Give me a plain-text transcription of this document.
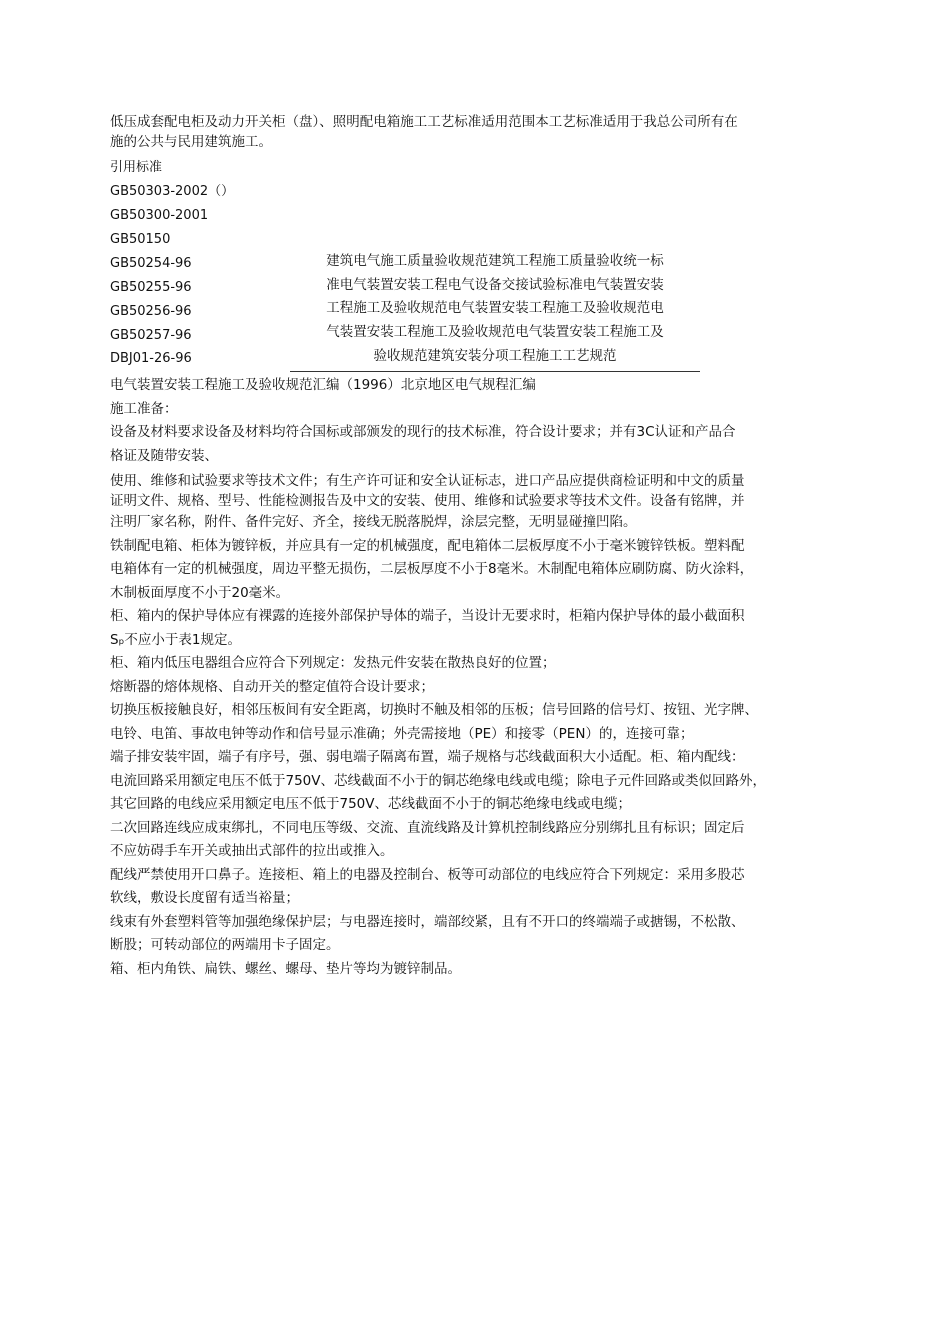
低压成套配电柜及动力开关柜（盘）、照明配电箱施工工艺标准适用范围本工艺标准适用于我总公司所有在
施的公共与民用建筑施工。
引用标准
GB50303-2002（）
GB50300-2001
GB50150
GB50254-96
GB50255-96
GB50256-96
GB50257-96
DBJ01-26-96
建筑电气施工质量验收规范建筑工程施工质量验收统一标
准电气装置安装工程电气设备交接试验标准电气装置安装
工程施工及验收规范电气装置安装工程施工及验收规范电
气装置安装工程施工及验收规范电气装置安装工程施工及
验收规范建筑安装分项工程施工工艺规范
电气装置安装工程施工及验收规范汇编（1996）北京地区电气规程汇编
施工准备：
设备及材料要求设备及材料均符合国标或部颁发的现行的技术标准，符合设计要求；并有3C认证和产品合
格证及随带安装、
使用、维修和试验要求等技术文件；有生产许可证和安全认证标志，进口产品应提供商检证明和中文的质量
证明文件、规格、型号、性能检测报告及中文的安装、使用、维修和试验要求等技术文件。设备有铭牌，并
注明厂家名称，附件、备件完好、齐全，接线无脱落脱焊，涂层完整，无明显碰撞凹陷。
铁制配电箱、柜体为镀锌板，并应具有一定的机械强度，配电箱体二层板厚度不小于毫米镀锌铁板。塑料配
电箱体有一定的机械强度，周边平整无损伤，二层板厚度不小于8毫米。木制配电箱体应刷防腐、防火涂料，
木制板面厚度不小于20毫米。
柜、箱内的保护导体应有裸露的连接外部保护导体的端子，当设计无要求时，柜箱内保护导体的最小截面积
Sₚ不应小于表1规定。
柜、箱内低压电器组合应符合下列规定：发热元件安装在散热良好的位置；
熔断器的熔体规格、自动开关的整定值符合设计要求；
切换压板接触良好，相邻压板间有安全距离，切换时不触及相邻的压板；信号回路的信号灯、按钮、光字牌、
电铃、电笛、事故电钟等动作和信号显示准确；外壳需接地（PE）和接零（PEN）的，连接可靠；
端子排安装牢固，端子有序号，强、弱电端子隔离布置，端子规格与芯线截面积大小适配。柜、箱内配线：
电流回路采用额定电压不低于750V、芯线截面不小于的铜芯绝缘电线或电缆；除电子元件回路或类似回路外，
其它回路的电线应采用额定电压不低于750V、芯线截面不小于的铜芯绝缘电线或电缆；
二次回路连线应成束绑扎，不同电压等级、交流、直流线路及计算机控制线路应分别绑扎且有标识；固定后
不应妨碍手车开关或抽出式部件的拉出或推入。
配线严禁使用开口鼻子。连接柜、箱上的电器及控制台、板等可动部位的电线应符合下列规定：采用多股芯
软线，敷设长度留有适当裕量；
线束有外套塑料管等加强绝缘保护层；与电器连接时，端部绞紧，且有不开口的终端端子或搪锡，不松散、
断股；可转动部位的两端用卡子固定。
箱、柜内角铁、扁铁、螺丝、螺母、垫片等均为镀锌制品。
